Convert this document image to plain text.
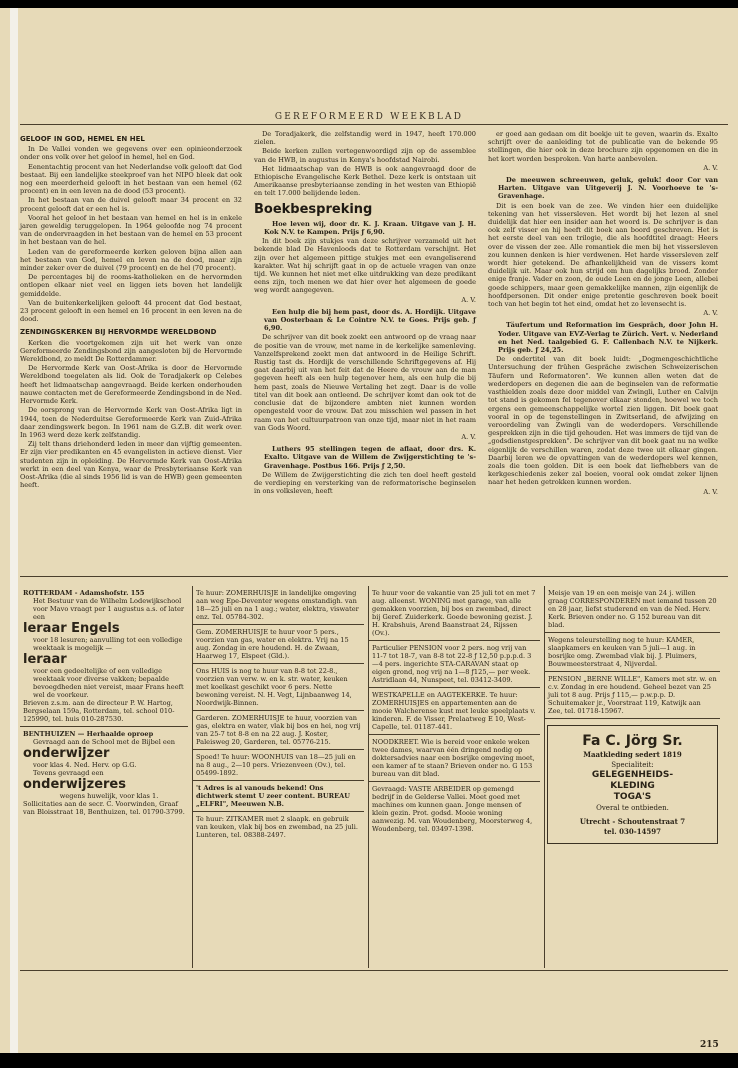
GEREFORMEERD WEEKBLAD
GELOOF IN GOD, HEMEL EN HEL

In De Vallei vonden we gegevens over een opinieonderzoek onder ons volk over het geloof in hemel, hel en God.

Eenentachtig procent van het Nederlandse volk gelooft dat God bestaat. Bij een landelijke steekproef van het NIPO bleek dat ook nog een meerderheid gelooft in het bestaan van een hemel (62 procent) en in een leven na de dood (53 procent).

In het bestaan van de duivel gelooft maar 34 procent en 32 procent gelooft dat er een hel is.

Vooral het geloof in het bestaan van hemel en hel is in enkele jaren geweldig teruggelopen. In 1964 geloofde nog 74 procent van de ondervraagden in het bestaan van de hemel en 53 procent in het bestaan van de hel.

Leden van de gereformeerde kerken geloven bijna allen aan het bestaan van God, hemel en leven na de dood, maar zijn minder zeker over de duivel (79 procent) en de hel (70 procent).

De percentages bij de rooms-katholieken en de hervormden ontlopen elkaar niet veel en liggen iets boven het landelijk gemiddelde.

Van de buitenkerkelijken gelooft 44 procent dat God bestaat, 23 procent gelooft in een hemel en 16 procent in een leven na de dood.

ZENDINGSKERKEN BIJ HERVORMDE WERELDBOND

Kerken die voortgekomen zijn uit het werk van onze Gereformeerde Zendingsbond zijn aangesloten bij de Hervormde Wereldbond, zo meldt De Rotterdammer.

De Hervormde Kerk van Oost-Afrika is door de Hervormde Wereldbond toegelaten als lid. Ook de Toradjakerk op Celebes heeft het lidmaatschap aangevraagd. Beide kerken onderhouden nauwe contacten met de Gereformeerde Zendingsbond in de Ned. Hervormde Kerk.

De oorsprong van de Hervormde Kerk van Oost-Afrika ligt in 1944, toen de Nederduitse Gereformeerde Kerk van Zuid-Afrika daar zendingswerk begon. In 1961 nam de G.Z.B. dit werk over. In 1963 werd deze kerk zelfstandig.

Zij telt thans driehonderd leden in meer dan vijftig gemeenten. Er zijn vier predikanten en 45 evangelisten in actieve dienst. Vier studenten zijn in opleiding. De Hervormde Kerk van Oost-Afrika werkt in een deel van Kenya, waar de Presbyteriaanse Kerk van Oost-Afrika (die al sinds 1956 lid is van de HWB) geen gemeenten heeft.

De Toradjakerk, die zelfstandig werd in 1947, heeft 170.000 zielen.

Beide kerken zullen vertegenwoordigd zijn op de assemblee van de HWB, in augustus in Kenya's hoofdstad Nairobi.

Het lidmaatschap van de HWB is ook aangevraagd door de Ethiopische Evangelische Kerk Bethel. Deze kerk is ontstaan uit Amerikaanse presbyteriaanse zending in het westen van Ethiopië en telt 17.000 belijdende leden.

Boekbespreking

Hoe leven wij, door dr. K. J. Kraan. Uitgave van J. H. Kok N.V. te Kampen. Prijs ƒ 6,90.

In dit boek zijn stukjes van deze schrijver verzameld uit het bekende blad De Havenloods dat te Rotterdam verschijnt. Het zijn over het algemeen pittige stukjes met een evangeliserend karakter. Wat hij schrijft gaat in op de actuele vragen van onze tijd. We kunnen het niet met elke uitdrukking van deze predikant eens zijn, toch menen we dat hier over het algemeen de goede weg wordt aangegeven.

A. V.

Een hulp die bij hem past, door ds. A. Hordijk. Uitgave van Oosterbaan & Le Cointre N.V. te Goes. Prijs geb. ƒ 6,90.

De schrijver van dit boek zoekt een antwoord op de vraag naar de positie van de vrouw, met name in de kerkelijke samenleving. Vanzelfsprekend zoekt men dat antwoord in de Heilige Schrift. Rustig tast ds. Hordijk de verschillende Schriftgegevens af. Hij gaat daarbij uit van het feit dat de Heere de vrouw aan de man gegeven heeft als een hulp tegenover hem, als een hulp die bij hem past, zoals de Nieuwe Vertaling het zegt. Daar is de volle titel van dit boek aan ontleend. De schrijver komt dan ook tot de conclusie dat de bijzondere ambten niet kunnen worden opengesteld voor de vrouw. Dat zou misschien wel passen in het raam van het cultuurpatroon van onze tijd, maar niet in het raam van Gods Woord.

A. V.

Luthers 95 stellingen tegen de aflaat, door drs. K. Exalto. Uitgave van de Willem de Zwijgerstichting te 's-Gravenhage. Postbus 166. Prijs ƒ 2,50.

De Willem de Zwijgerstichting die zich ten doel heeft gesteld de verdieping en versterking van de reformatorische beginselen in ons volksleven, heeft

er goed aan gedaan om dit boekje uit te geven, waarin ds. Exalto schrijft over de aanleiding tot de publicatie van de bekende 95 stellingen, die hier ook in deze brochure zijn opgenomen en die in het kort worden besproken. Van harte aanbevolen.

A. V.

De meeuwen schreeuwen, geluk, geluk! door Cor van Harten. Uitgave van Uitgeverij J. N. Voorhoeve te 's-Gravenhage.

Dit is een boek van de zee. We vinden hier een duidelijke tekening van het vissersleven. Het wordt bij het lezen al snel duidelijk dat hier een insider aan het woord is. De schrijver is dan ook zelf visser en hij heeft dit boek aan boord geschreven. Het is het eerste deel van een trilogie, die als hoofdtitel draagt: Heers over de vissen der zee. Alle romantiek die men bij het vissersleven zou kunnen denken is hier verdwenen. Het harde vissersleven zelf wordt hier getekend. De afhankelijkheid van de vissers komt duidelijk uit. Maar ook hun strijd om hun dagelijks brood. Zonder enige franje. Vader en zoon, de oude Leen en de jonge Leen, allebei goede schippers, maar geen gemakkelijke mannen, zijn eigenlijk de hoofdpersonen. Dit onder enige pretentie geschreven boek boeit toch van het begin tot het eind, omdat het zo levensecht is.

A. V.

Täufertum und Reformation im Gespräch, door John H. Yoder. Uitgave van EVZ-Verlag te Zürich. Vert. v. Nederland en het Ned. taalgebied G. F. Callenbach N.V. te Nijkerk. Prijs geb. ƒ 24,25.

De ondertitel van dit boek luidt: „Dogmengeschichtliche Untersuchung der frühen Gespräche zwischen Schweizerischen Täufern und Reformatoren". We kunnen allen weten dat de wederdopers en degenen die aan de beginselen van de reformatie vasthielden zoals deze door middel van Zwingli, Luther en Calvijn tot stand is gekomen fel tegenover elkaar stonden, hoewel we toch ergens een gemeenschappelijke worteI zien liggen. Dit boek gaat vooral in op de tegenstellingen in Zwitserland, de afwijzing en veroordeling van Zwingli van de wederdopers. Verschillende gesprekken zijn in die tijd gehouden. Het was immers de tijd van de „godsdienstgesprekken". De schrijver van dit boek gaat nu na welke eigenlijk de verschillen waren, zodat deze twee uit elkaar gingen. Daarbij leren we de opvattingen van de wederdopers wel kennen, zoals die toen golden. Dit is een boek dat liefhebbers van de kerkgeschiedenis zeker zal boeien, vooral ook omdat zeker lijnen naar het heden getrokken kunnen worden.

A. V.
ROTTERDAM - Adamshofstr. 155
Het Bestuur van de Wilhelm Lodewijkschool voor Mavo vraagt per 1 augustus a.s. of later een
leraar Engels
voor 18 lesuren; aanvulling tot een volledige weektaak is mogelijk —
leraar
voor een gedeeltelijke of een volledige weektaak voor diverse vakken; bepaalde bevoegdheden niet vereist, maar Frans heeft wel de voorkeur.
Brieven z.s.m. aan de directeur P. W. Hartog, Bergselaan 159a, Rotterdam, tel. school 010-125990, tel. huis 010-287530.
BENTHUIZEN — Herhaalde oproep
Gevraagd aan de School met de Bijbel een
onderwijzer
voor klas 4. Ned. Herv. op G.G.
Tevens gevraagd een
onderwijzeres
wegens huwelijk, voor klas 1.
Sollicitaties aan de secr. C. Voorwinden, Graaf van Bloisstraat 18, Benthuizen, tel. 01790-3799.
Te huur: ZOMERHUISJE in landelijke omgeving aan weg Epe-Deventer wegens omstandigh. van 18—25 juli en na 1 aug.; water, elektra, viswater enz. Tel. 05784-302.
Gem. ZOMERHUISJE te huur voor 5 pers., voorzien van gas, water en elektra. Vrij na 15 aug. Zondag in ere houdend. H. de Zwaan, Haarweg 17, Elspeet (Gld.).
Ons HUIS is nog te huur van 8-8 tot 22-8., voorzien van verw. w. en k. str. water, keuken met koelkast geschikt voor 6 pers. Nette bewoning vereist. N. H. Vegt, Lijnbaanweg 14, Noordwijk-Binnen.
Garderen. ZOMERHUISJE te huur, voorzien van gas, elektra en water, vlak bij bos en hei, nog vrij van 25-7 tot 8-8 en na 22 aug. J. Koster, Paleisweg 20, Garderen, tel. 05776-215.
Spoed! Te huur: WOONHUIS van 18—25 juli en na 8 aug., 2—10 pers. Vriezenveen (Ov.), tel. 05499-1892.
't Adres is al vanouds bekend! Ons dichtwerk stemt U zeer content. BUREAU „ELFRI", Meeuwen N.B.
Te huur: ZITKAMER met 2 slaapk. en gebruik van keuken, vlak bij bos en zwembad, na 25 juli. Lunteren, tel. 08388-2497.
Te huur voor de vakantie van 25 juli tot en met 7 aug. alleenst. WONING met garage, van alle gemakken voorzien, bij bos en zwembad, direct bij Geref. Zuiderkerk. Goede bewoning gezist. J. H. Krabshuis, Arend Baanstraat 24, Rijssen (Ov.).
Particulier PENSION voor 2 pers. nog vrij van 11-7 tot 18-7, van 8-8 tot 22-8 ƒ 12,50 p.p.p.d. 3—4 pers. ingerichte STA-CARAVAN staat op eigen grond, nog vrij na 1—8 ƒ125,— per week. Astridlaan 44, Nunspeet, tel. 03412-3409.
WESTKAPELLE en AAGTEKERKE. Te huur: ZOMERHUISJES en appartementen aan de mooie Walcherense kust met leuke speelplaats v. kinderen. F. de Visser, Prelaatweg E 10, West-Capelle, tel. 01187-441.
NOODKREET. Wie is bereid voor enkele weken twee dames, waarvan één dringend nodig op doktersadvies naar een bosrijke omgeving moet, een kamer af te staan? Brieven onder no. G 153 bureau van dit blad.
Gevraagd: VASTE ARBEIDER op gemengd bedrijf in de Gelderse Vallei. Moet goed met machines om kunnen gaan. Jonge mensen of klein gezin. Prot. godsd. Mooie woning aanwezig. M. van Woudenberg, Moorsterweg 4, Woudenberg, tel. 03497-1398.
Meisje van 19 en een meisje van 24 j. willen graag CORRESPONDEREN met iemand tussen 20 en 28 jaar, liefst studerend en van de Ned. Herv. Kerk. Brieven onder no. G 152 bureau van dit blad.
Wegens teleurstelling nog te huur: KAMER, slaapkamers en keuken van 5 juli—1 aug. in bosrijke omg. Zwembad vlak bij. J. Pluimers, Bouwmeesterstraat 4, Nijverdal.
PENSION „BERNE WILLE", Kamers met str. w. en c.v. Zondag in ere houdend. Geheel bezet van 25 juli tot 8 aug. Prijs ƒ 115,— p.w.p.p. D. Schuitemaker jr., Voorstraat 119, Katwijk aan Zee, tel. 01718-15967.
Fa C. Jörg Sr.
Maatkleding sedert 1819
Specialiteit:
GELEGENHEIDS-
KLEDING
TOGA'S
Overal te ontbieden.
Utrecht - Schoutenstraat 7
tel. 030-14597
215
